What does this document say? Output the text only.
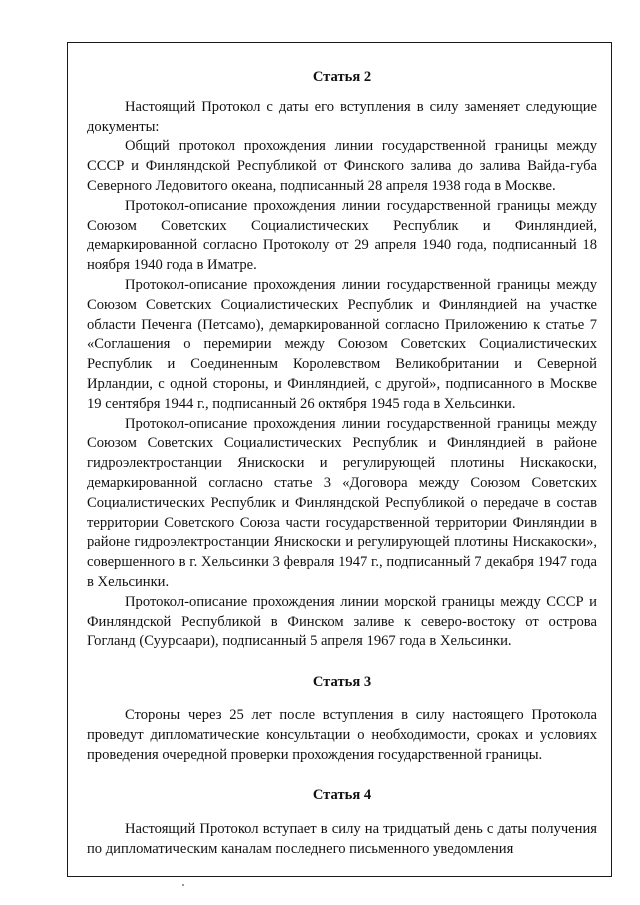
Статья 2

Настоящий Протокол с даты его вступления в силу заменяет следующие документы:

Общий протокол прохождения линии государственной границы между СССР и Финляндской Республикой от Финского залива до залива Вайда-губа Северного Ледовитого океана, подписанный 28 апреля 1938 года в Москве.

Протокол-описание прохождения линии государственной границы между Союзом Советских Социалистических Республик и Финляндией, демаркированной согласно Протоколу от 29 апреля 1940 года, подписанный 18 ноября 1940 года в Иматре.

Протокол-описание прохождения линии государственной границы между Союзом Советских Социалистических Республик и Финляндией на участке области Печенга (Петсамо), демаркированной согласно Приложению к статье 7 «Соглашения о перемирии между Союзом Советских Социалистических Республик и Соединенным Королевством Великобритании и Северной Ирландии, с одной стороны, и Финляндией, с другой», подписанного в Москве 19 сентября 1944 г., подписанный 26 октября 1945 года в Хельсинки.

Протокол-описание прохождения линии государственной границы между Союзом Советских Социалистических Республик и Финляндией в районе гидроэлектростанции Янискоски и регулирующей плотины Нискакоски, демаркированной согласно статье 3 «Договора между Союзом Советских Социалистических Республик и Финляндской Республикой о передаче в состав территории Советского Союза части государственной территории Финляндии в районе гидроэлектростанции Янискоски и регулирующей плотины Нискакоски», совершенного в г. Хельсинки 3 февраля 1947 г., подписанный 7 декабря 1947 года в Хельсинки.

Протокол-описание прохождения линии морской границы между СССР и Финляндской Республикой в Финском заливе к северо-востоку от острова Гогланд (Суурсаари), подписанный 5 апреля 1967 года в Хельсинки.

Статья 3

Стороны через 25 лет после вступления в силу настоящего Протокола проведут дипломатические консультации о необходимости, сроках и условиях проведения очередной проверки прохождения государственной границы.

Статья 4

Настоящий Протокол вступает в силу на тридцатый день с даты получения по дипломатическим каналам последнего письменного уведомления
